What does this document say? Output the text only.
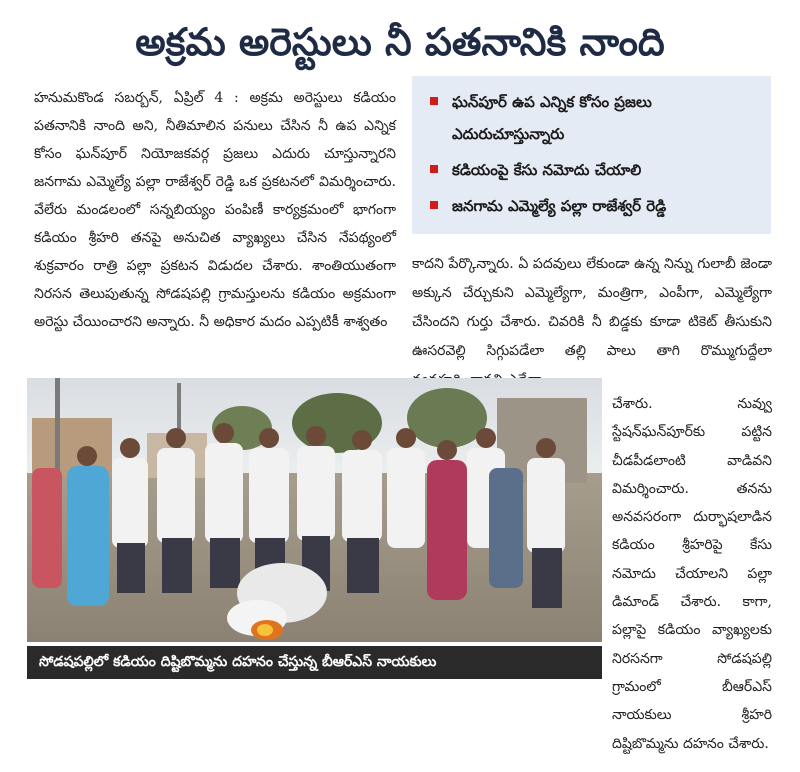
అక్రమ అరెస్టులు నీ పతనానికి నాంది

హనుమకొండ సబర్బన్, ఏప్రిల్ 4 : అక్రమ అరెస్టులు కడియం పతనానికి నాంది అని, నీతిమాలిన పనులు చేసిన నీ ఉప ఎన్నిక కోసం ఘన్‌పూర్ నియోజకవర్గ ప్రజలు ఎదురు చూస్తున్నారని జనగామ ఎమ్మెల్యే పల్లా రాజేశ్వర్ రెడ్డి ఒక ప్రకటనలో విమర్శించారు. వేలేరు మండలంలో సన్నబియ్యం పంపిణీ కార్యక్రమంలో భాగంగా కడియం శ్రీహరి తనపై అనుచిత వ్యాఖ్యలు చేసిన నేపథ్యంలో శుక్రవారం రాత్రి పల్లా ప్రకటన విడుదల చేశారు. శాంతియుతంగా నిరసన తెలుపుతున్న సోడషపల్లి గ్రామస్తులను కడియం అక్రమంగా అరెస్టు చేయించారని అన్నారు. నీ అధికార మదం ఎప్పటికీ శాశ్వతం

ఘన్‌పూర్ ఉప ఎన్నిక కోసం ప్రజలు ఎదురుచూస్తున్నారు
కడియంపై కేసు నమోదు చేయాలి
జనగామ ఎమ్మెల్యే పల్లా రాజేశ్వర్ రెడ్డి

కాదని పేర్కొన్నారు. ఏ పదవులు లేకుండా ఉన్న నిన్ను గులాబీ జెండా అక్కున చేర్చుకుని ఎమ్మెల్యేగా, మంత్రిగా, ఎంపీగా, ఎమ్మెల్యేగా చేసిందని గుర్తు చేశారు. చివరికి నీ బిడ్డకు కూడా టికెట్ తీసుకుని ఊసరవెల్లి సిగ్గుపడేలా తల్లి పాలు తాగి రొమ్ముగుద్దేలా

సోడషపల్లిలో కడియం దిష్టిబొమ్మను దహనం చేస్తున్న బీఆర్ఎస్ నాయకులు

చేశారు. నువ్వు స్టేషన్‌ఘన్‌పూర్‌కు పట్టిన చీడపీడలాంటి వాడివని విమర్శించారు. తనను అనవసరంగా దుర్భాషలాడిన కడియం శ్రీహరిపై కేసు నమోదు చేయాలని పల్లా డిమాండ్ చేశారు. కాగా, పల్లాపై కడియం వ్యాఖ్యలకు నిరసనగా సోడషపల్లి గ్రామంలో బీఆర్ఎస్ నాయకులు శ్రీహరి దిష్టిబొమ్మను దహనం చేశారు.
